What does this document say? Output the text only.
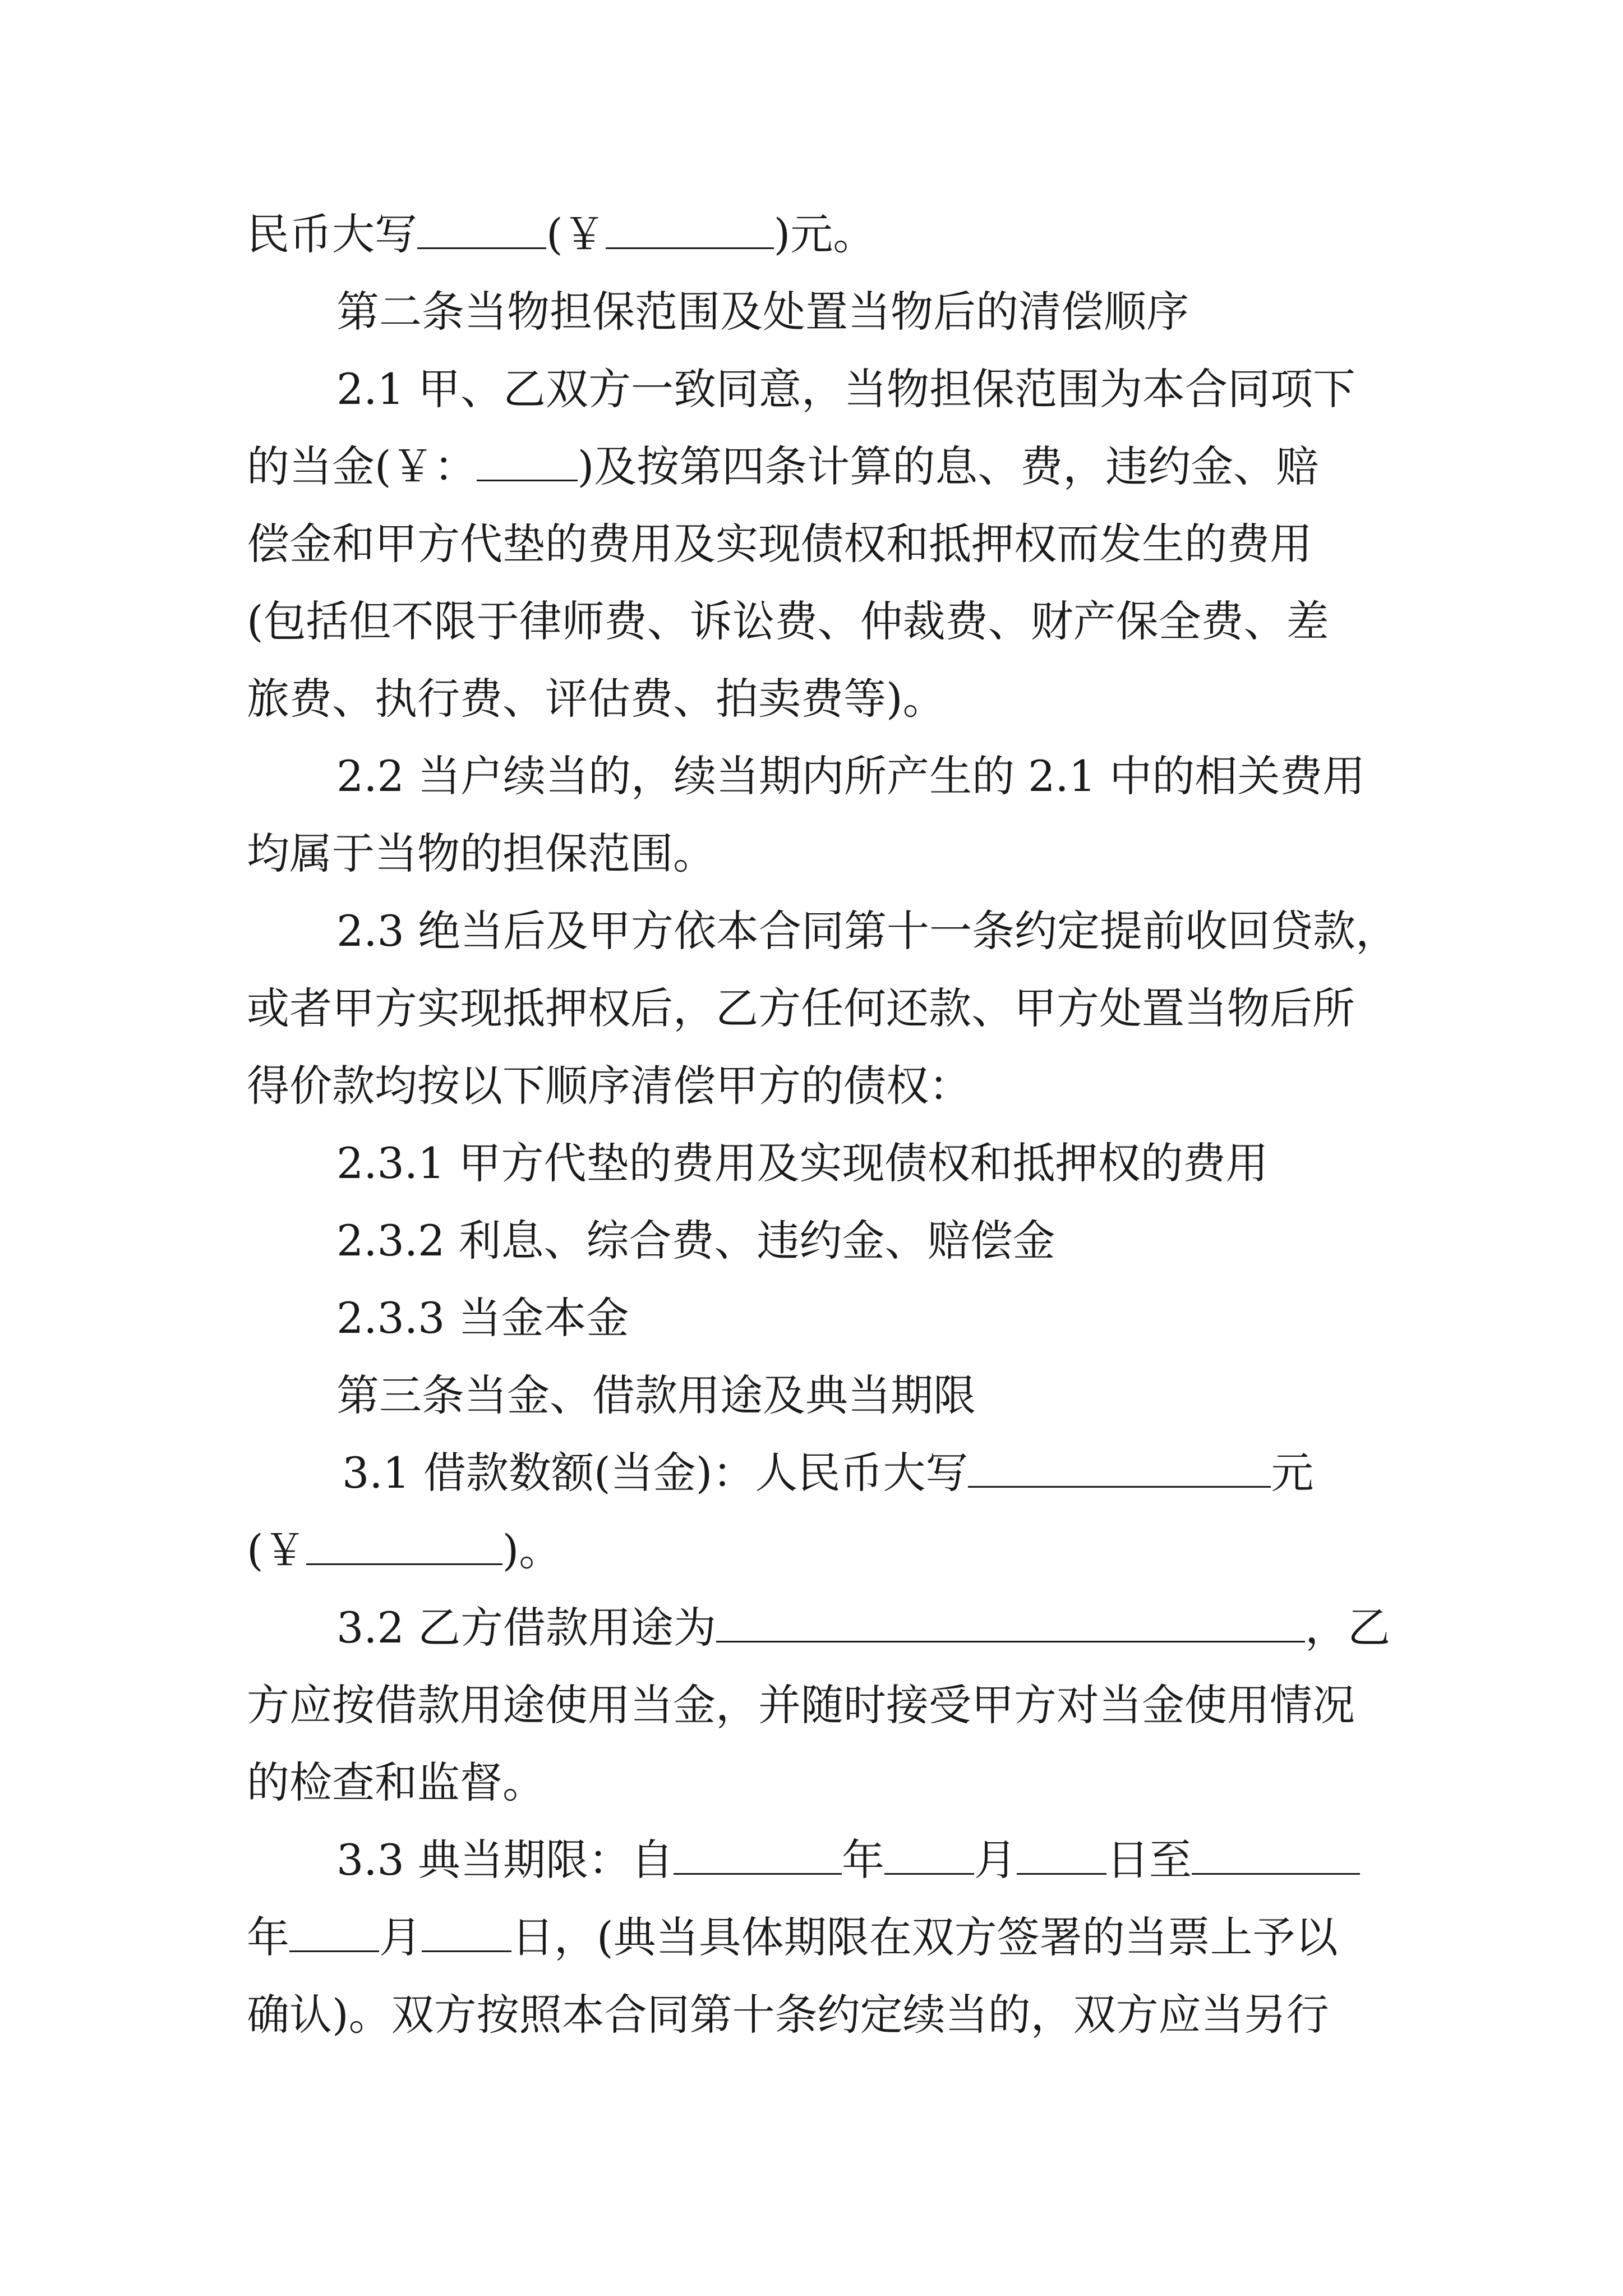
民币大写	(￥	)元。
第二条当物担保范围及处置当物后的清偿顺序
2.1 甲、乙双方一致同意，当物担保范围为本合同项下
的当金(￥： )及按第四条计算的息、费，违约金、赔
偿金和甲方代垫的费用及实现债权和抵押权而发生的费用
(包括但不限于律师费、诉讼费、仲裁费、财产保全费、差
旅费、执行费、评估费、拍卖费等)。
2.2 当户续当的，续当期内所产生的 2.1 中的相关费用
均属于当物的担保范围。
2.3 绝当后及甲方依本合同第十一条约定提前收回贷款，
或者甲方实现抵押权后，乙方任何还款、甲方处置当物后所
得价款均按以下顺序清偿甲方的债权：
2.3.1 甲方代垫的费用及实现债权和抵押权的费用
2.3.2 利息、综合费、违约金、赔偿金
2.3.3 当金本金
第三条当金、借款用途及典当期限
3.1 借款数额(当金)：人民币大写	元
(￥	)。
3.2 乙方借款用途为	，乙
方应按借款用途使用当金，并随时接受甲方对当金使用情况
的检查和监督。
3.3 典当期限：自	年 月 日至
年 月 日，(典当具体期限在双方签署的当票上予以
确认)。双方按照本合同第十条约定续当的，双方应当另行
